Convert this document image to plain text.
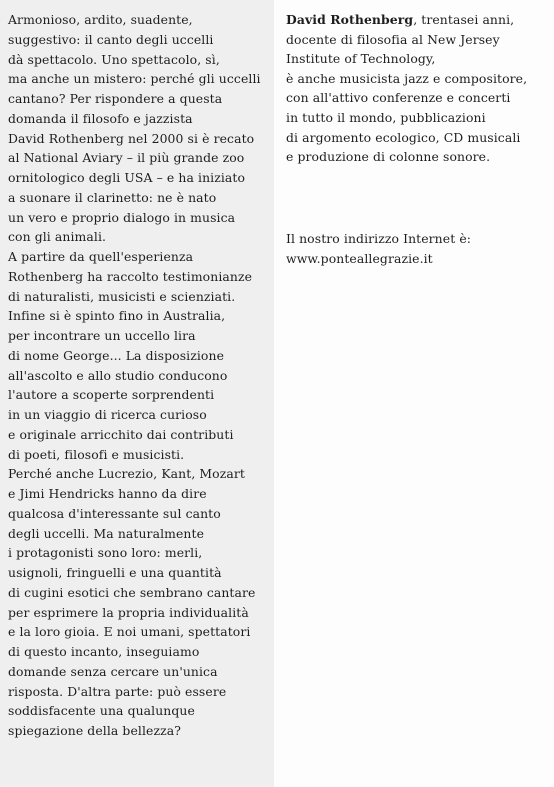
Armonioso, ardito, suadente,
suggestivo: il canto degli uccelli
dà spettacolo. Uno spettacolo, sì,
ma anche un mistero: perché gli uccelli
cantano? Per rispondere a questa
domanda il filosofo e jazzista
David Rothenberg nel 2000 si è recato
al National Aviary – il più grande zoo
ornitologico degli USA – e ha iniziato
a suonare il clarinetto: ne è nato
un vero e proprio dialogo in musica
con gli animali.
A partire da quell'esperienza
Rothenberg ha raccolto testimonianze
di naturalisti, musicisti e scienziati.
Infine si è spinto fino in Australia,
per incontrare un uccello lira
di nome George... La disposizione
all'ascolto e allo studio conducono
l'autore a scoperte sorprendenti
in un viaggio di ricerca curioso
e originale arricchito dai contributi
di poeti, filosofi e musicisti.
Perché anche Lucrezio, Kant, Mozart
e Jimi Hendricks hanno da dire
qualcosa d'interessante sul canto
degli uccelli. Ma naturalmente
i protagonisti sono loro: merli,
usignoli, fringuelli e una quantità
di cugini esotici che sembrano cantare
per esprimere la propria individualità
e la loro gioia. E noi umani, spettatori
di questo incanto, inseguiamo
domande senza cercare un'unica
risposta. D'altra parte: può essere
soddisfacente una qualunque
spiegazione della bellezza?
David Rothenberg, trentasei anni,
docente di filosofia al New Jersey
Institute of Technology,
è anche musicista jazz e compositore,
con all'attivo conferenze e concerti
in tutto il mondo, pubblicazioni
di argomento ecologico, CD musicali
e produzione di colonne sonore.
Il nostro indirizzo Internet è:
www.ponteallegrazie.it
